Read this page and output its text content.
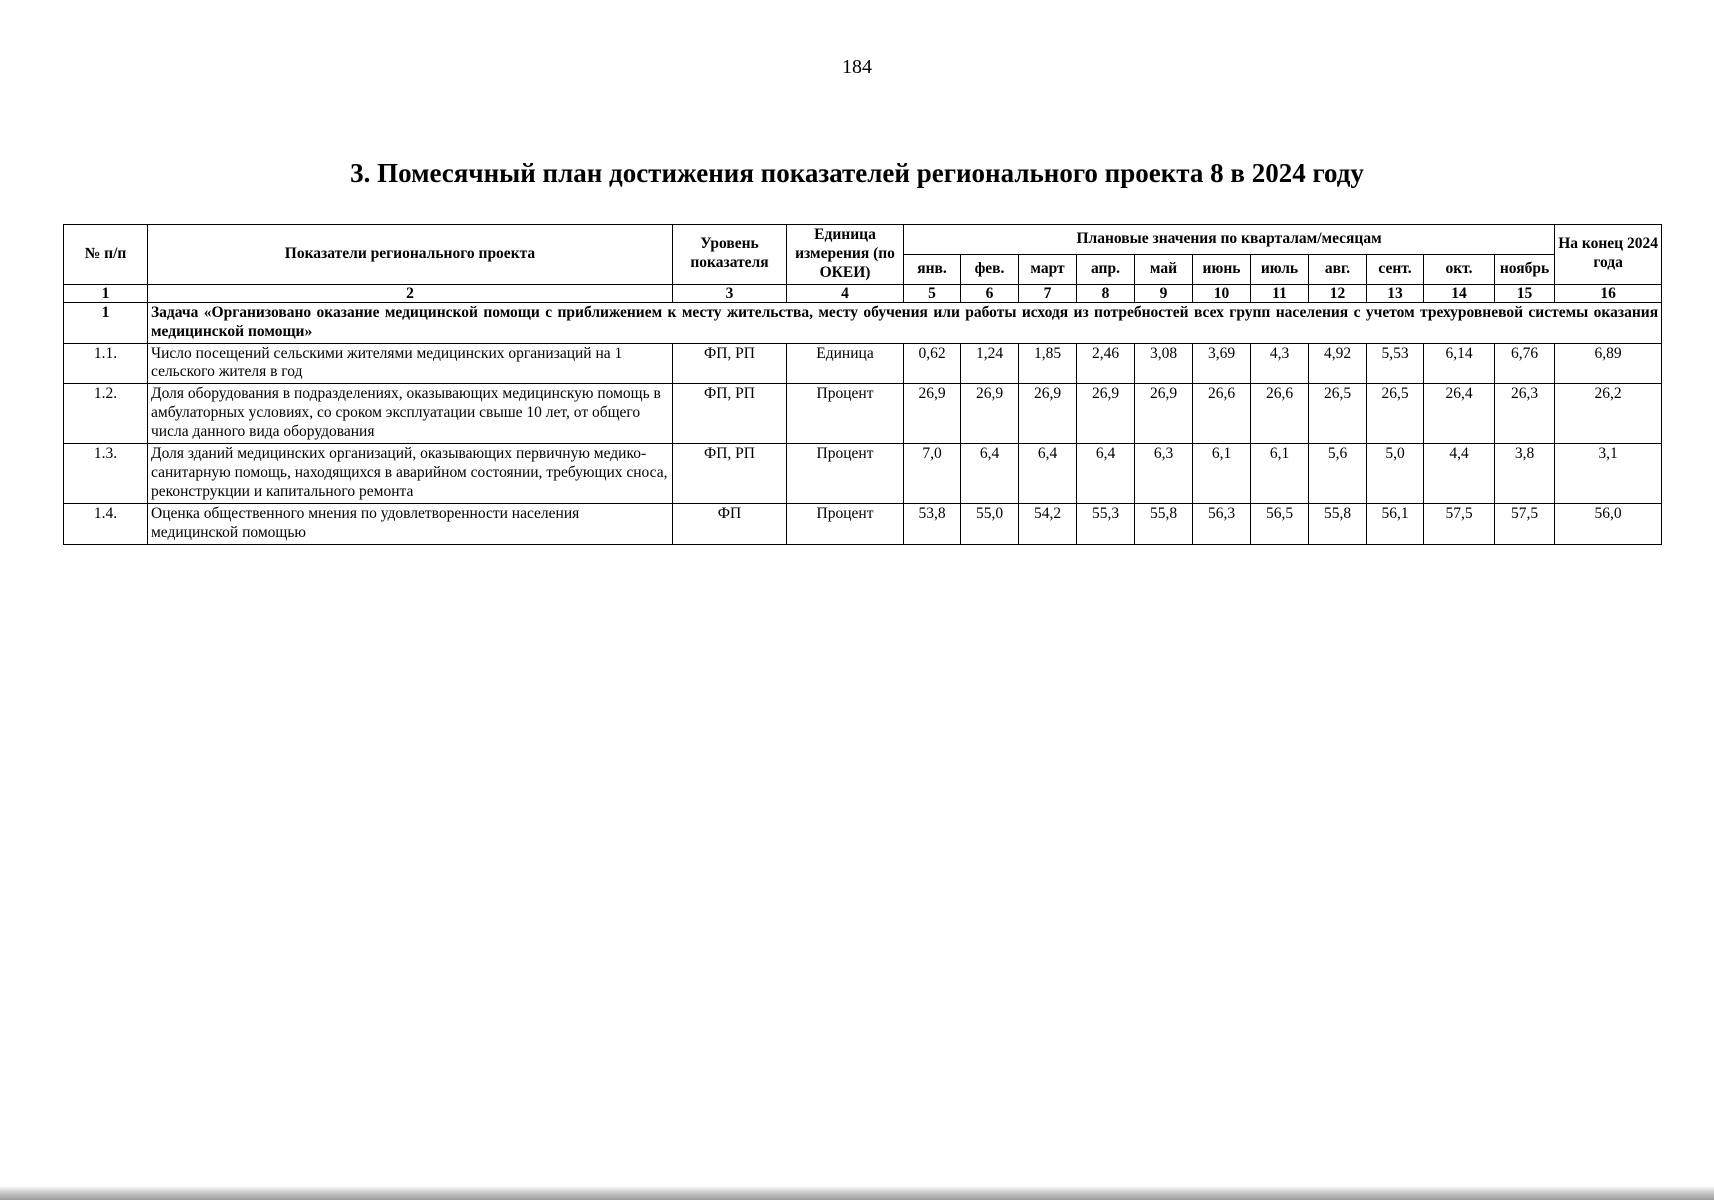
184
3. Помесячный план достижения показателей регионального проекта 8 в 2024 году
№ п/п	Показатели регионального проекта	Уровень показателя	Единица измерения (по ОКЕИ)	Плановые значения по кварталам/месяцам											На конец 2024 года
				янв.	фев.	март	апр.	май	июнь	июль	авг.	сент.	окт.	ноябрь	
1	2	3	4	5	6	7	8	9	10	11	12	13	14	15	16
1	Задача «Организовано оказание медицинской помощи с приближением к месту жительства, месту обучения или работы исходя из потребностей всех групп населения с учетом трехуровневой системы оказания медицинской помощи»														
1.1.	Число посещений сельскими жителями медицинских организаций на 1 сельского жителя в год	ФП, РП	Единица	0,62	1,24	1,85	2,46	3,08	3,69	4,3	4,92	5,53	6,14	6,76	6,89
1.2.	Доля оборудования в подразделениях, оказывающих медицинскую помощь в амбулаторных условиях, со сроком эксплуатации свыше 10 лет, от общего числа данного вида оборудования	ФП, РП	Процент	26,9	26,9	26,9	26,9	26,9	26,6	26,6	26,5	26,5	26,4	26,3	26,2
1.3.	Доля зданий медицинских организаций, оказывающих первичную медико-санитарную помощь, находящихся в аварийном состоянии, требующих сноса, реконструкции и капитального ремонта	ФП, РП	Процент	7,0	6,4	6,4	6,4	6,3	6,1	6,1	5,6	5,0	4,4	3,8	3,1
1.4.	Оценка общественного мнения по удовлетворенности населения медицинской помощью	ФП	Процент	53,8	55,0	54,2	55,3	55,8	56,3	56,5	55,8	56,1	57,5	57,5	56,0
